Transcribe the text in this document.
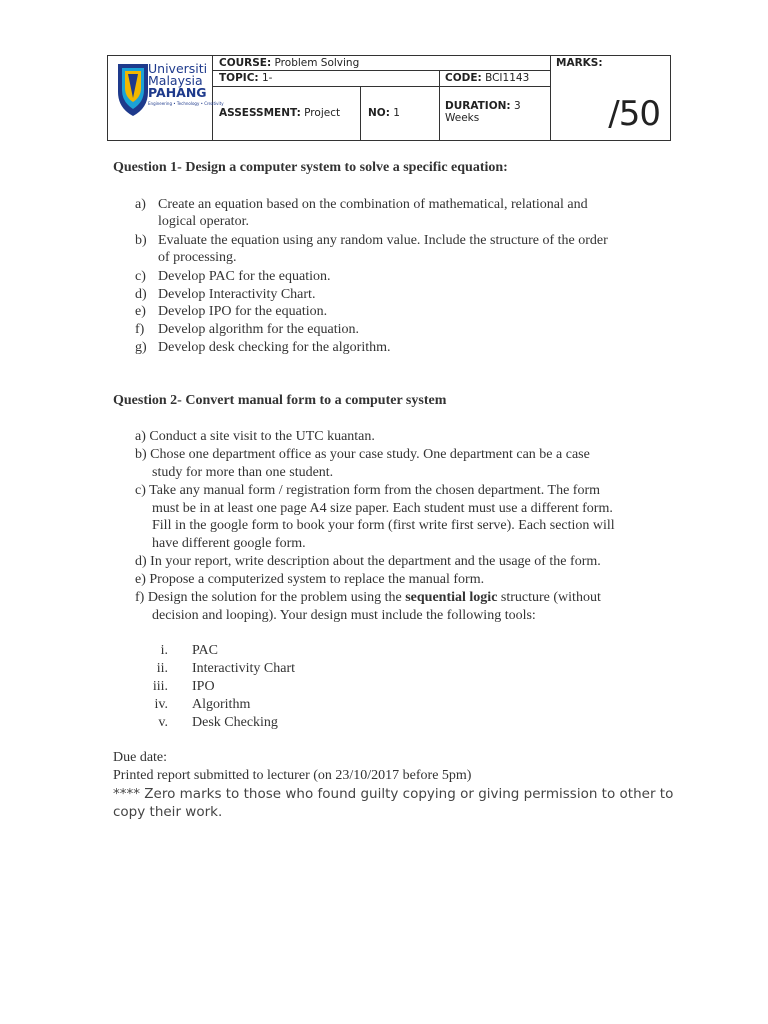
Universiti
Malaysia
PAHANG
Engineering • Technology • Creativity
COURSE: Problem Solving
TOPIC: 1-	CODE: BCI1143
ASSESSMENT: Project	NO: 1
DURATION: 3
Weeks
MARKS:
/50
Question 1- Design a computer system to solve a specific equation:
a) Create an equation based on the combination of mathematical, relational and
logical operator.
b) Evaluate the equation using any random value. Include the structure of the order
of processing.
c) Develop PAC for the equation.
d) Develop Interactivity Chart.
e) Develop IPO for the equation.
f) Develop algorithm for the equation.
g) Develop desk checking for the algorithm.
Question 2- Convert manual form to a computer system
a) Conduct a site visit to the UTC kuantan.
b) Chose one department office as your case study. One department can be a case
study for more than one student.
c) Take any manual form / registration form from the chosen department. The form
must be in at least one page A4 size paper. Each student must use a different form.
Fill in the google form to book your form (first write first serve). Each section will
have different google form.
d) In your report, write description about the department and the usage of the form.
e) Propose a computerized system to replace the manual form.
f) Design the solution for the problem using the sequential logic structure (without
decision and looping). Your design must include the following tools:
i. PAC
ii. Interactivity Chart
iii. IPO
iv. Algorithm
v. Desk Checking
Due date:
Printed report submitted to lecturer (on 23/10/2017 before 5pm)
**** Zero marks to those who found guilty copying or giving permission to other to
copy their work.
